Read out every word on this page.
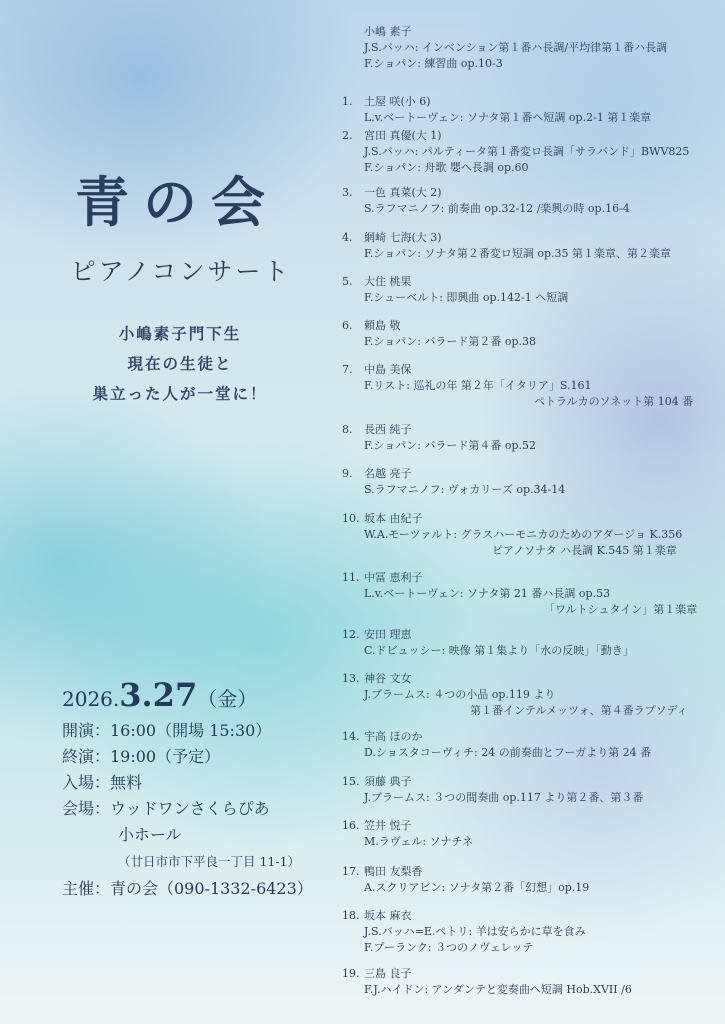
青の会
ピアノコンサート
小嶋素子門下生
現在の生徒と
巣立った人が一堂に！
2026.3.27（金）
開演：16:00（開場 15:30）
終演：19:00（予定）
入場：無料
会場：ウッドワンさくらぴあ
小ホール
（廿日市市下平良一丁目 11-1）
主催：青の会（090-1332-6423）
小嶋 素子
J.S.バッハ: インベンション第１番ハ長調/平均律第１番ハ長調
F.ショパン: 練習曲 op.10-3
1. 土屋 咲(小 6)
L.v.ベートーヴェン: ソナタ第１番ヘ短調 op.2-1 第１楽章
2. 宮田 真優(大 1)
J.S.バッハ: パルティータ第１番変ロ長調「サラバンド」BWV825
F.ショパン: 舟歌 嬰ヘ長調 op.60
3. 一色 真菜(大 2)
S.ラフマニノフ: 前奏曲 op.32-12 /楽興の時 op.16-4
4. 網崎 七海(大 3)
F.ショパン: ソナタ第２番変ロ短調 op.35 第１楽章、第２楽章
5. 大住 桃果
F.シューベルト: 即興曲 op.142-1 ヘ短調
6. 頼島 敬
F.ショパン: バラード第２番 op.38
7. 中島 美保
F.リスト: 巡礼の年 第２年「イタリア」S.161
ペトラルカのソネット第 104 番
8. 長西 純子
F.ショパン: バラード第４番 op.52
9. 名越 亮子
S.ラフマニノフ: ヴォカリーズ op.34-14
10. 坂本 由紀子
W.A.モーツァルト: グラスハーモニカのためのアダージョ K.356
ピアノソナタ ハ長調 K.545 第１楽章
11. 中冨 恵利子
L.v.ベートーヴェン: ソナタ第 21 番ハ長調 op.53
「ワルトシュタイン」第１楽章
12. 安田 理恵
C.ドビュッシー: 映像 第１集より「水の反映」「動き」
13. 神谷 文女
J.ブラームス: ４つの小品 op.119 より
第１番インテルメッツォ、第４番ラプソディ
14. 宇高 ほのか
D.ショスタコーヴィチ: 24 の前奏曲とフーガより第 24 番
15. 須藤 典子
J.ブラームス: ３つの間奏曲 op.117 より第２番、第３番
16. 笠井 悦子
M.ラヴェル: ソナチネ
17. 鴨田 友梨香
A.スクリアビン: ソナタ第２番「幻想」op.19
18. 坂本 麻衣
J.S.バッハ=E.ペトリ: 羊は安らかに草を食み
F.プーランク: ３つのノヴェレッテ
19. 三島 良子
F.J.ハイドン: アンダンテと変奏曲ヘ短調 Hob.XVII /6
